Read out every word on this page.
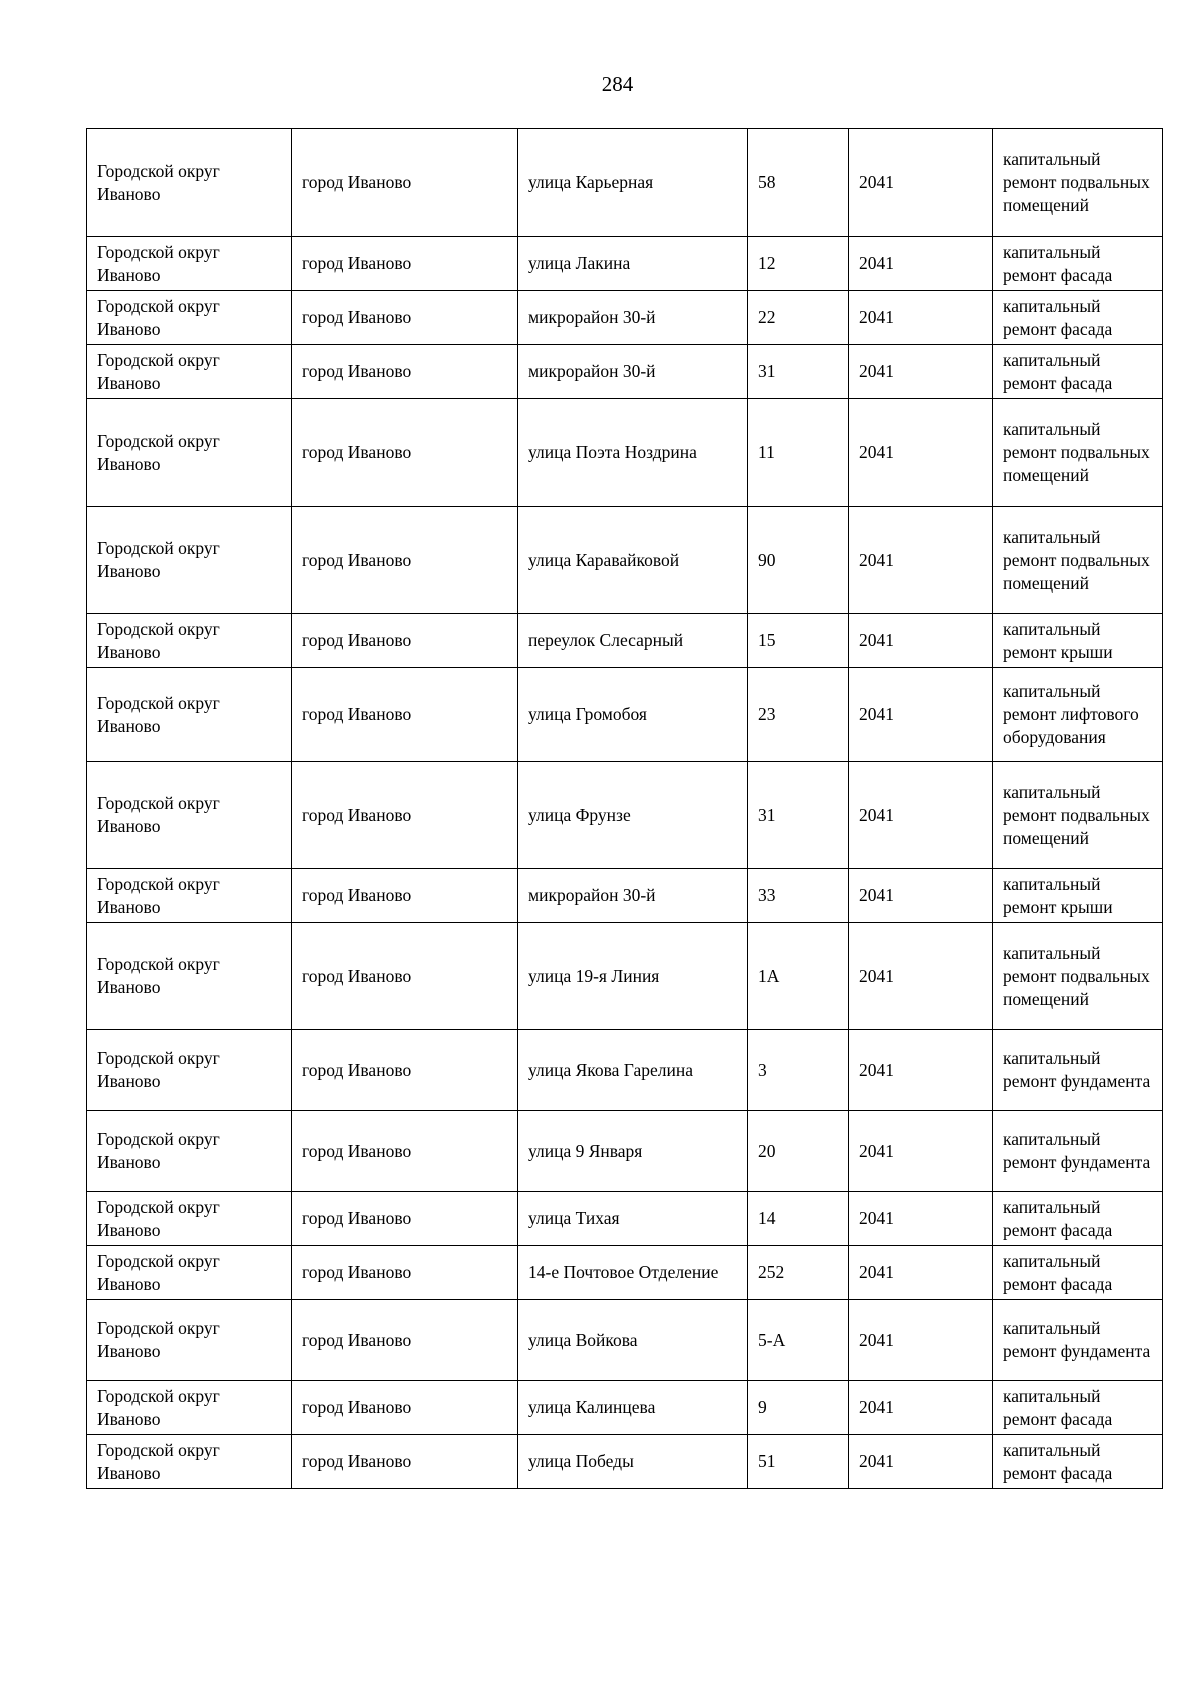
284
Городской округ Иваново	город Иваново	улица Карьерная	58	2041	капитальный ремонт подвальных помещений
Городской округ Иваново	город Иваново	улица Лакина	12	2041	капитальный ремонт фасада
Городской округ Иваново	город Иваново	микрорайон 30-й	22	2041	капитальный ремонт фасада
Городской округ Иваново	город Иваново	микрорайон 30-й	31	2041	капитальный ремонт фасада
Городской округ Иваново	город Иваново	улица Поэта Ноздрина	11	2041	капитальный ремонт подвальных помещений
Городской округ Иваново	город Иваново	улица Каравайковой	90	2041	капитальный ремонт подвальных помещений
Городской округ Иваново	город Иваново	переулок Слесарный	15	2041	капитальный ремонт крыши
Городской округ Иваново	город Иваново	улица Громобоя	23	2041	капитальный ремонт лифтового оборудования
Городской округ Иваново	город Иваново	улица Фрунзе	31	2041	капитальный ремонт подвальных помещений
Городской округ Иваново	город Иваново	микрорайон 30-й	33	2041	капитальный ремонт крыши
Городской округ Иваново	город Иваново	улица 19-я Линия	1А	2041	капитальный ремонт подвальных помещений
Городской округ Иваново	город Иваново	улица Якова Гарелина	3	2041	капитальный ремонт фундамента
Городской округ Иваново	город Иваново	улица 9 Января	20	2041	капитальный ремонт фундамента
Городской округ Иваново	город Иваново	улица Тихая	14	2041	капитальный ремонт фасада
Городской округ Иваново	город Иваново	14-е Почтовое Отделение	252	2041	капитальный ремонт фасада
Городской округ Иваново	город Иваново	улица Войкова	5-А	2041	капитальный ремонт фундамента
Городской округ Иваново	город Иваново	улица Калинцева	9	2041	капитальный ремонт фасада
Городской округ Иваново	город Иваново	улица Победы	51	2041	капитальный ремонт фасада
